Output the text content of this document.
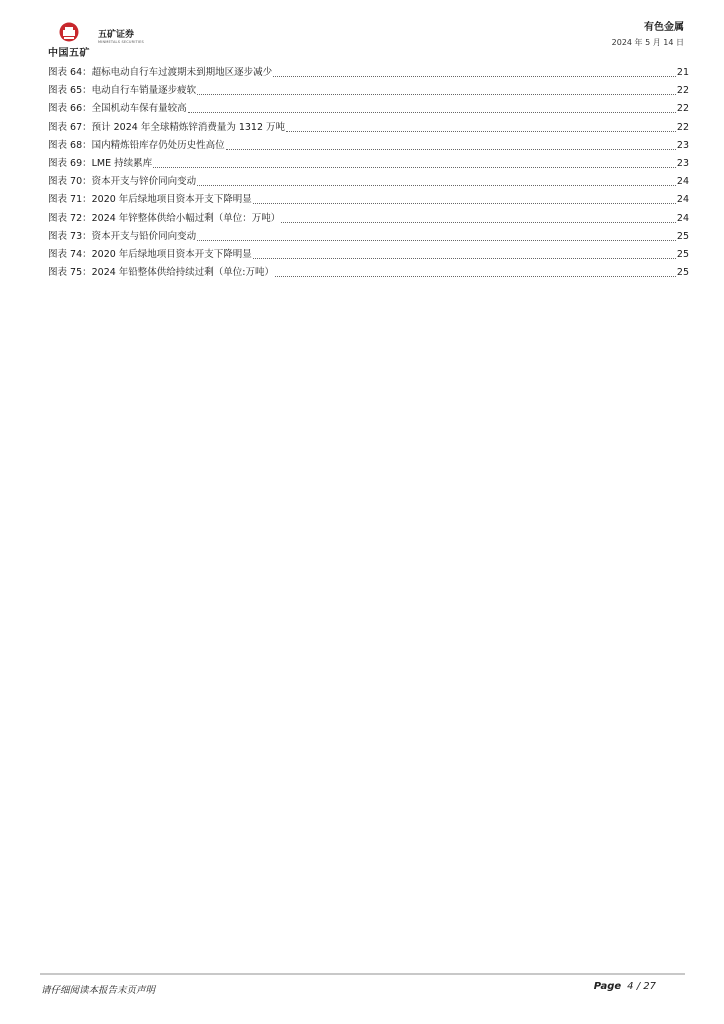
中国五矿
五矿证券
MINMETALS SECURITIES
有色金属
2024 年 5 月 14 日
图表 64： 超标电动自行车过渡期未到期地区逐步减少	21
图表 65： 电动自行车销量逐步疲软	22
图表 66： 全国机动车保有量较高	22
图表 67： 预计 2024 年全球精炼锌消费量为 1312 万吨	22
图表 68： 国内精炼铅库存仍处历史性高位	23
图表 69： LME 持续累库	23
图表 70： 资本开支与锌价同向变动	24
图表 71： 2020 年后绿地项目资本开支下降明显	24
图表 72： 2024 年锌整体供给小幅过剩（单位：万吨）	24
图表 73： 资本开支与铅价同向变动	25
图表 74： 2020 年后绿地项目资本开支下降明显	25
图表 75： 2024 年铅整体供给持续过剩（单位:万吨）	25
请仔细阅读本报告末页声明	Page 4 / 27
